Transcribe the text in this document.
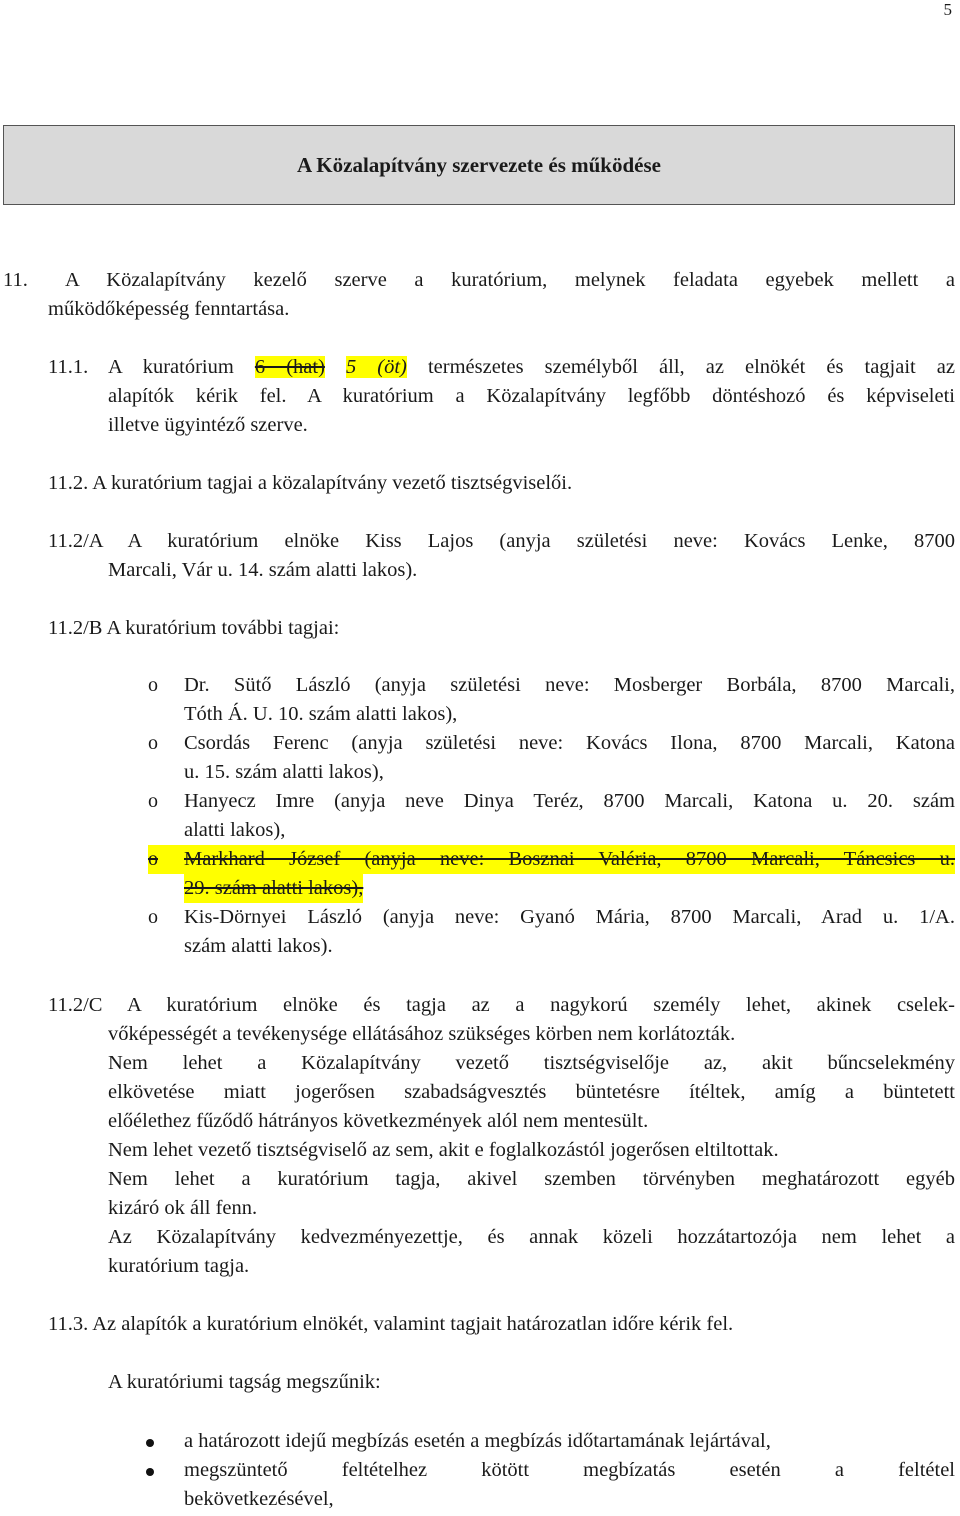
5
A Közalapítvány szervezete és működése
11. A Közalapítvány kezelő szerve a kuratórium, melynek feladata egyebek mellett a
működőképesség fenntartása.
11.1. A kuratórium 6 (hat) 5 (öt) természetes személyből áll, az elnökét és tagjait az
alapítók kérik fel. A kuratórium a Közalapítvány legfőbb döntéshozó és képviseleti
illetve ügyintéző szerve.
11.2. A kuratórium tagjai a közalapítvány vezető tisztségviselői.
11.2/A A kuratórium elnöke Kiss Lajos (anyja születési neve: Kovács Lenke, 8700
Marcali, Vár u. 14. szám alatti lakos).
11.2/B A kuratórium további tagjai:
o Dr. Sütő László (anyja születési neve: Mosberger Borbála, 8700 Marcali,
Tóth Á. U. 10. szám alatti lakos),
o Csordás Ferenc (anyja születési neve: Kovács Ilona, 8700 Marcali, Katona
u. 15. szám alatti lakos),
o Hanyecz Imre (anyja neve Dinya Teréz, 8700 Marcali, Katona u. 20. szám
alatti lakos),
o	Markhard József (anyja neve: Bosznai Valéria, 8700 Marcali, Táncsics u.
29. szám alatti lakos),
o Kis-Dörnyei László (anyja neve: Gyanó Mária, 8700 Marcali, Arad u. 1/A.
szám alatti lakos).
11.2/C A kuratórium elnöke és tagja az a nagykorú személy lehet, akinek cselek-
vőképességét a tevékenysége ellátásához szükséges körben nem korlátozták.
Nem lehet a Közalapítvány vezető tisztségviselője az, akit bűncselekmény
elkövetése miatt jogerősen szabadságvesztés büntetésre ítéltek, amíg a büntetett
előélethez fűződő hátrányos következmények alól nem mentesült.
Nem lehet vezető tisztségviselő az sem, akit e foglalkozástól jogerősen eltiltottak.
Nem lehet a kuratórium tagja, akivel szemben törvényben meghatározott egyéb
kizáró ok áll fenn.
Az Közalapítvány kedvezményezettje, és annak közeli hozzátartozója nem lehet a
kuratórium tagja.
11.3. Az alapítók a kuratórium elnökét, valamint tagjait határozatlan időre kérik fel.
A kuratóriumi tagság megszűnik:
a határozott idejű megbízás esetén a megbízás időtartamának lejártával,
megszüntető feltételhez kötött megbízatás esetén a feltétel
bekövetkezésével,
